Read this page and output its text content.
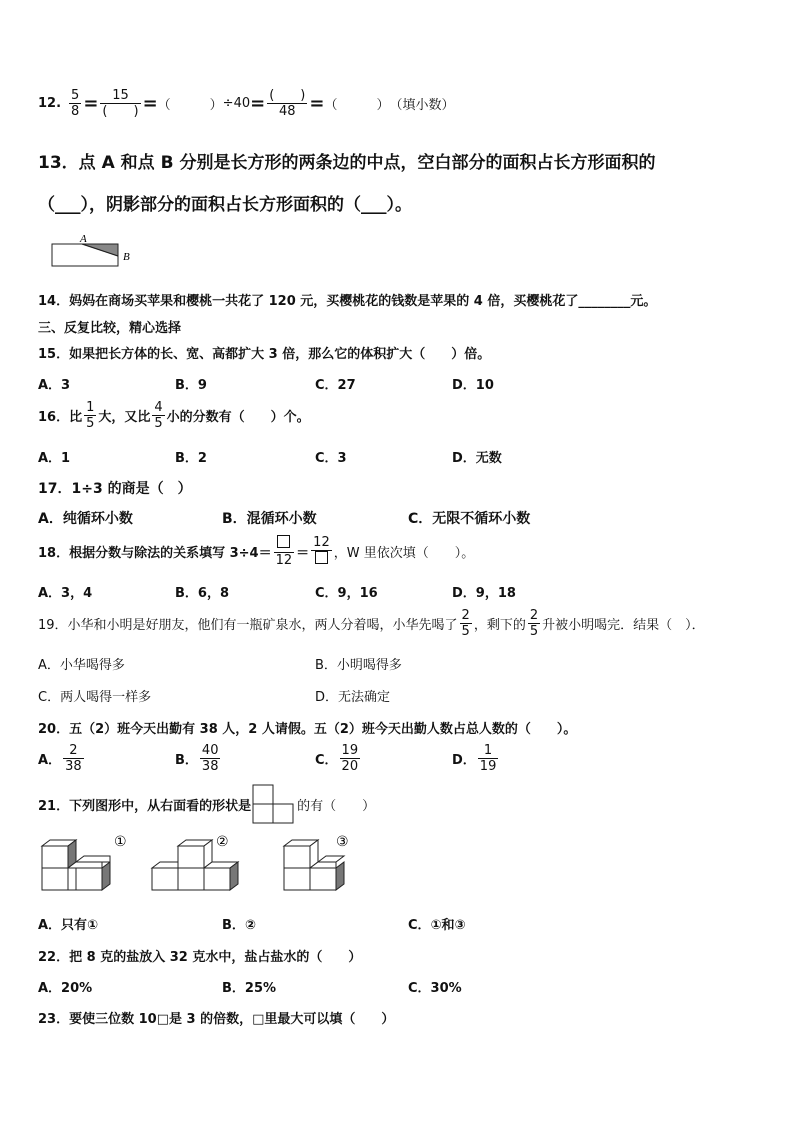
12. $\frac{5}{8} = \frac{15}{( )}$ = （　　　） $\div 40 = \frac{( )}{48}$ = （　　　） （填小数）
13．点 A 和点 B 分别是长方形的两条边的中点，空白部分的面积占长方形面积的
（___），阴影部分的面积占长方形面积的（___）。
A
B
14．妈妈在商场买苹果和樱桃一共花了 120 元，买樱桃花的钱数是苹果的 4 倍，买樱桃花了________元。
三、反复比较，精心选择
15．如果把长方体的长、宽、高都扩大 3 倍，那么它的体积扩大（　　）倍。
A．3	B．9	C．27	D．10
16．比 $\frac{1}{5}$ 大，又比 $\frac{4}{5}$ 小的分数有（　　）个。
A．1	B．2	C．3	D．无数
17．1÷3 的商是（　）
A．纯循环小数	B．混循环小数	C．无限不循环小数
18．根据分数与除法的关系填写 3÷4＝ 12 ＝
12
，W 里依次填（　　）。
A．3，4	B．6，8	C．9，16	D．9，18
19．小华和小明是好朋友，他们有一瓶矿泉水，两人分着喝，小华先喝了 $\frac{2}{5}$ ，剩下的 $\frac{2}{5}$ 升被小明喝完．结果（　）．
A．小华喝得多	B．小明喝得多
C．两人喝得一样多	D．无法确定
20．五（2）班今天出勤有 38 人，2 人请假。五（2）班今天出勤人数占总人数的（　　）。
A． $\frac{2}{38}$	B． $\frac{40}{38}$	C． $\frac{19}{20}$	D． $\frac{1}{19}$
21．下列图形中，从右面看的形状是	的有（　　）
①	②	③
A．只有①	B．②	C．①和③
22．把 8 克的盐放入 32 克水中，盐占盐水的（　　）
A．20%	B．25%	C．30%
23．要使三位数 10□是 3 的倍数，□里最大可以填（　　）
